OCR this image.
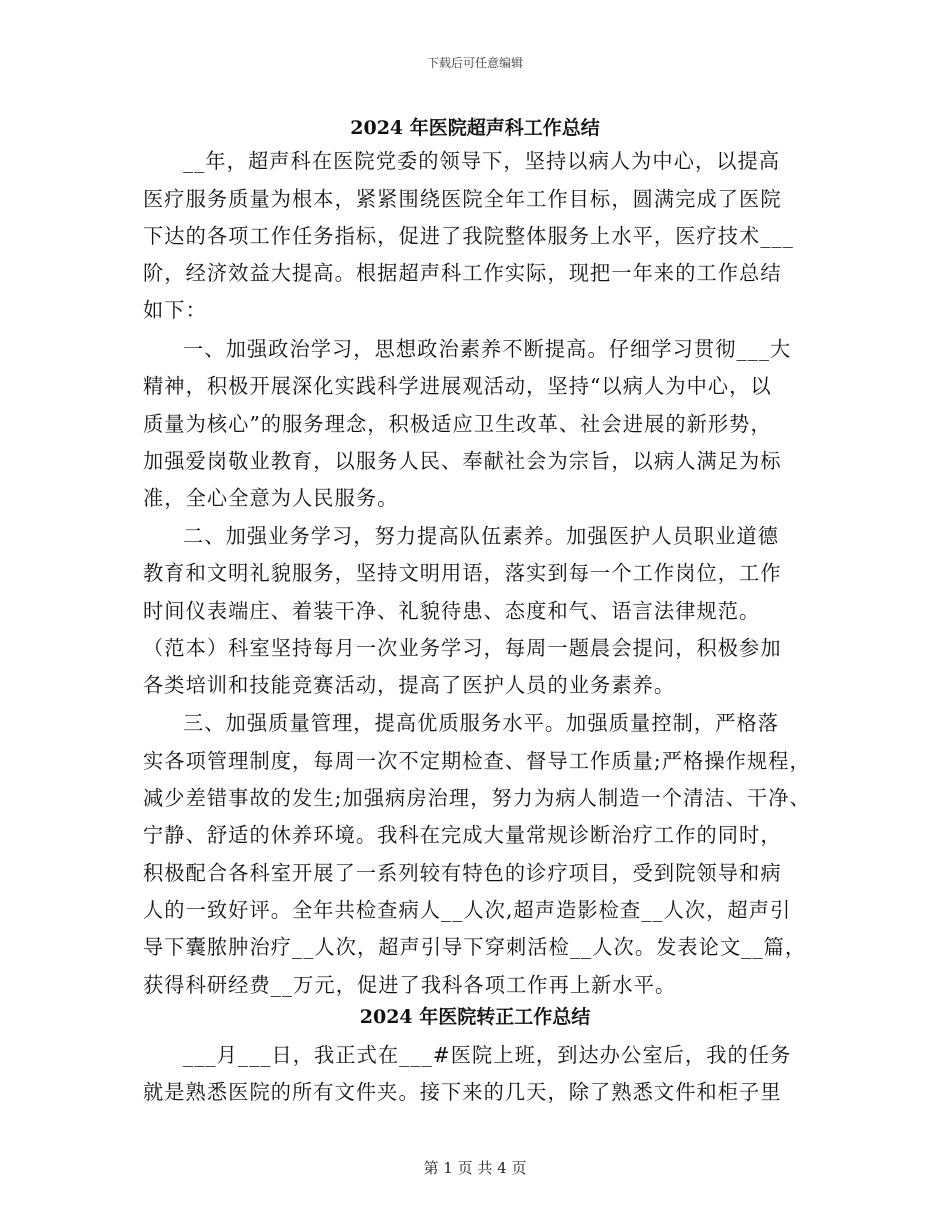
下载后可任意编辑
2024 年医院超声科工作总结
__年，超声科在医院党委的领导下，坚持以病人为中心，以提高
医疗服务质量为根本，紧紧围绕医院全年工作目标，圆满完成了医院
下达的各项工作任务指标，促进了我院整体服务上水平，医疗技术___
阶，经济效益大提高。根据超声科工作实际，现把一年来的工作总结
如下：
一、加强政治学习，思想政治素养不断提高。仔细学习贯彻___大
精神，积极开展深化实践科学进展观活动，坚持“以病人为中心，以
质量为核心”的服务理念，积极适应卫生改革、社会进展的新形势，
加强爱岗敬业教育，以服务人民、奉献社会为宗旨，以病人满足为标
准，全心全意为人民服务。
二、加强业务学习，努力提高队伍素养。加强医护人员职业道德
教育和文明礼貌服务，坚持文明用语，落实到每一个工作岗位，工作
时间仪表端庄、着装干净、礼貌待患、态度和气、语言法律规范。
（范本）科室坚持每月一次业务学习，每周一题晨会提问，积极参加
各类培训和技能竞赛活动，提高了医护人员的业务素养。
三、加强质量管理，提高优质服务水平。加强质量控制，严格落
实各项管理制度，每周一次不定期检查、督导工作质量;严格操作规程，
减少差错事故的发生;加强病房治理，努力为病人制造一个清洁、干净、
宁静、舒适的休养环境。我科在完成大量常规诊断治疗工作的同时，
积极配合各科室开展了一系列较有特色的诊疗项目，受到院领导和病
人的一致好评。全年共检查病人__人次,超声造影检查__人次，超声引
导下囊脓肿治疗__人次，超声引导下穿刺活检__人次。发表论文__篇，
获得科研经费__万元，促进了我科各项工作再上新水平。
2024 年医院转正工作总结
___月___日，我正式在___#医院上班，到达办公室后，我的任务
就是熟悉医院的所有文件夹。接下来的几天，除了熟悉文件和柜子里
第 1 页 共 4 页
